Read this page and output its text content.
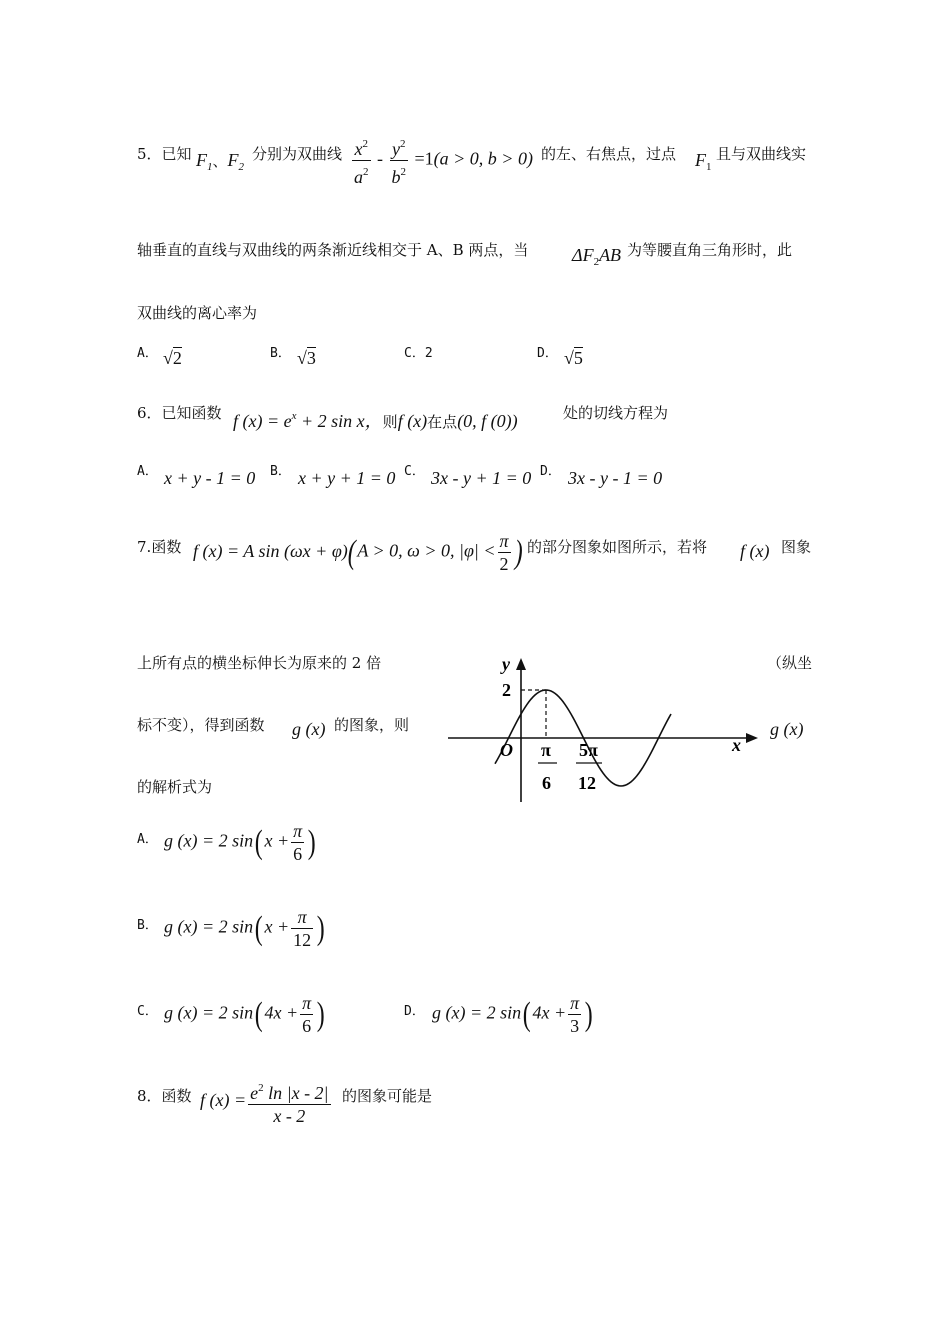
5．已知 $F_1$、$F_2$
分别为双曲线 $\frac{x^2}{a^2} - \frac{y^2}{b^2} =1(a > 0$, b > 0) 的左、右焦点，过点 $F_1$
且与双曲线实
轴垂直的直线与双曲线的两条渐近线相交于 A、B 两点，当 $\Delta F_2AB$ 为等腰直角三角形时，此
双曲线的离心率为
A． √2	B． √3	C．2	D． √5
6．已知函数 f $(x) = e^x + 2$ sin x，则f (x)在点(0, f (0))	处的切线方程为
A． x + y - 1 = 0 B． x + y + 1 = 0 C． 3x - y + 1 = 0 D． 3x - y - 1 = 0
7.函数 f (x) = A sin (ωx + φ) (A > 0, ω > 0, $|\varphi| < \frac{\pi}{2}$ ) 的部分图象如图所示，若将 f (x) 图象
上所有点的横坐标伸长为原来的 2 倍	（纵坐
标不变），得到函数 g (x) 的图象，则	g (x)
的解析式为
y
x
O
2
π
6
5π
12
A． g (x) = 2 $\sin(x + \frac{\pi}{6}$ )
B． g (x) = 2 $\sin(x + \frac{\pi}{12}$ )
C． g (x) = 2 $\sin(4x + \frac{\pi}{6}$ )	D． g (x) = 2 $\sin(4x + \frac{\pi}{3}$ )
8．函数 f $(x) = \frac{e^2 \ln |x - 2|}{x - 2}$ 的图象可能是
